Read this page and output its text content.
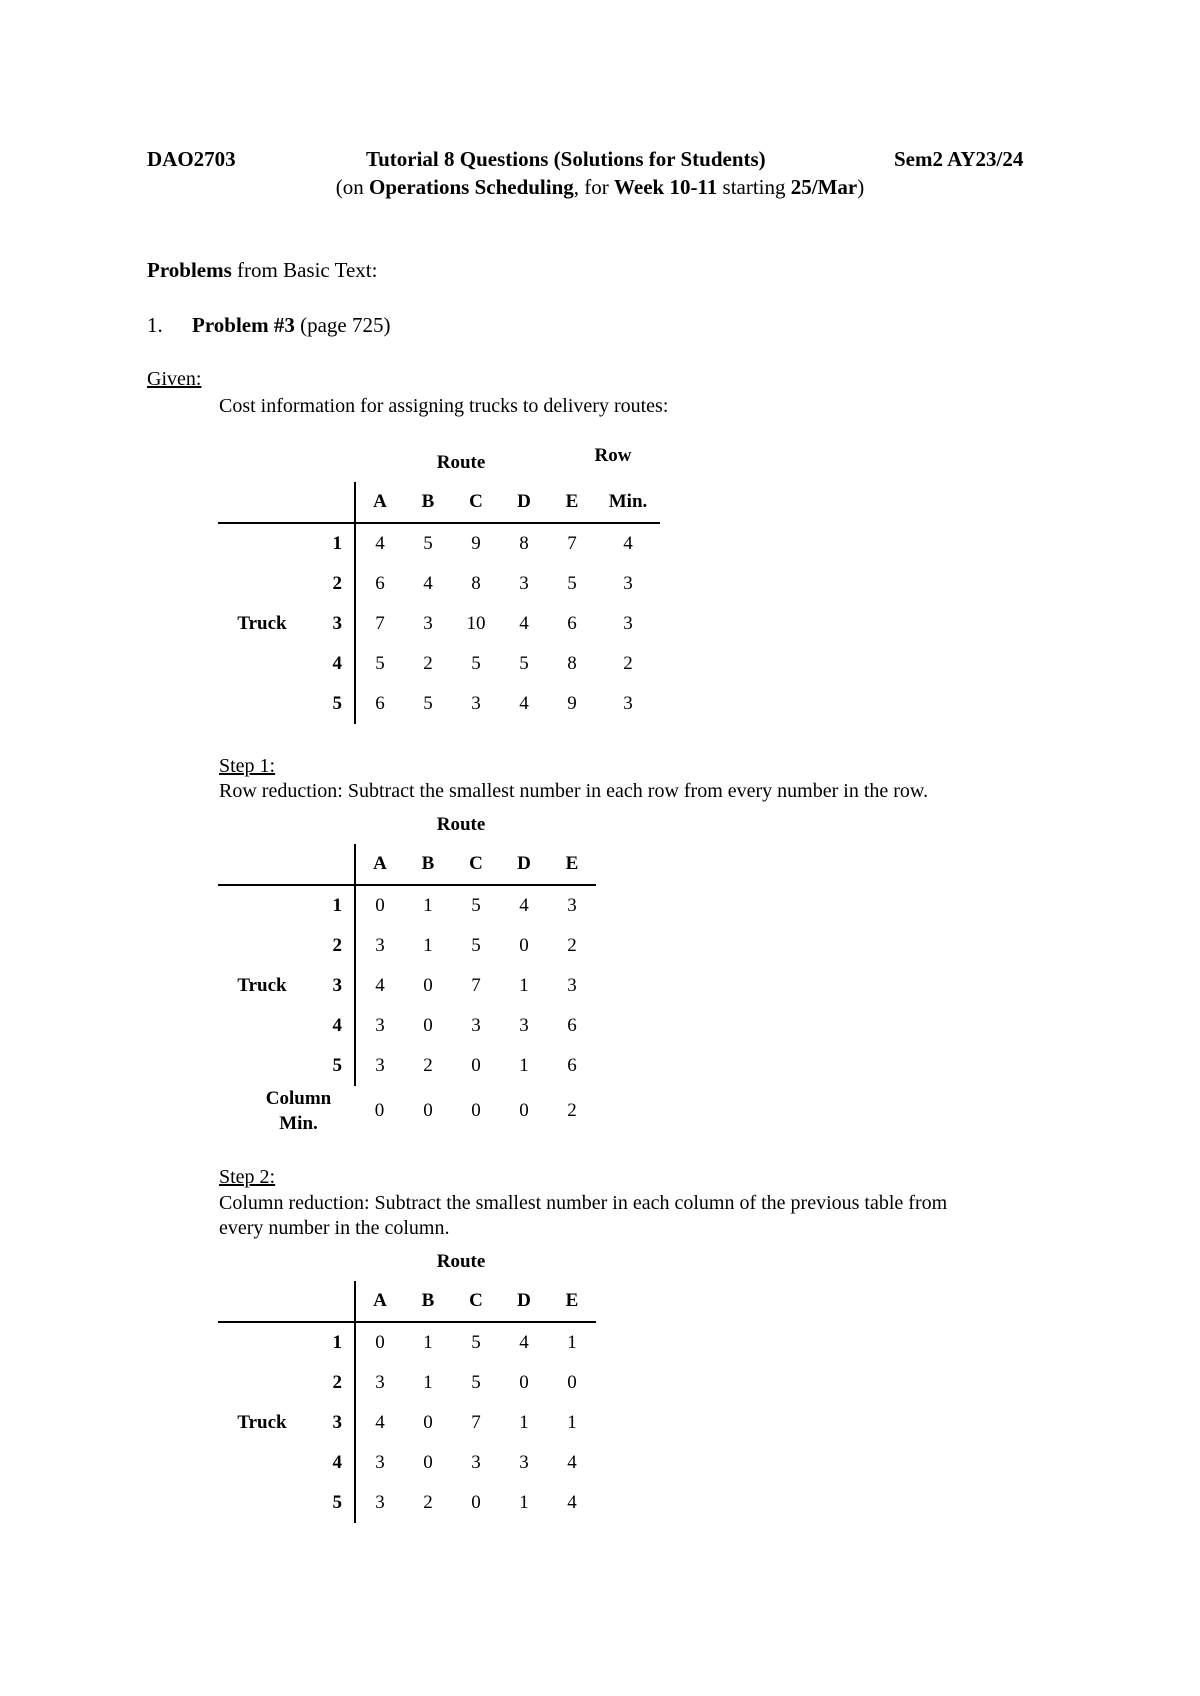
DAO2703	Tutorial 8 Questions (Solutions for Students)	Sem2 AY23/24
(on Operations Scheduling, for Week 10-11 starting 25/Mar)
Problems from Basic Text:
1. Problem #3 (page 725)
Given:
Cost information for assigning trucks to delivery routes:
Route	Row
		A	B	C	D	E	Min.
	1	4	5	9	8	7	4
	2	6	4	8	3	5	3
Truck	3	7	3	10	4	6	3
	4	5	2	5	5	8	2
	5	6	5	3	4	9	3
Step 1:
Row reduction: Subtract the smallest number in each row from every number in the row.
Route
		A	B	C	D	E
	1	0	1	5	4	3
	2	3	1	5	0	2
Truck	3	4	0	7	1	3
	4	3	0	3	3	6
	5	3	2	0	1	6

Column
Min.		0	0	0	0	2
Step 2:
Column reduction: Subtract the smallest number in each column of the previous table from
every number in the column.
Route
		A	B	C	D	E
	1	0	1	5	4	1
	2	3	1	5	0	0
Truck	3	4	0	7	1	1
	4	3	0	3	3	4
	5	3	2	0	1	4
